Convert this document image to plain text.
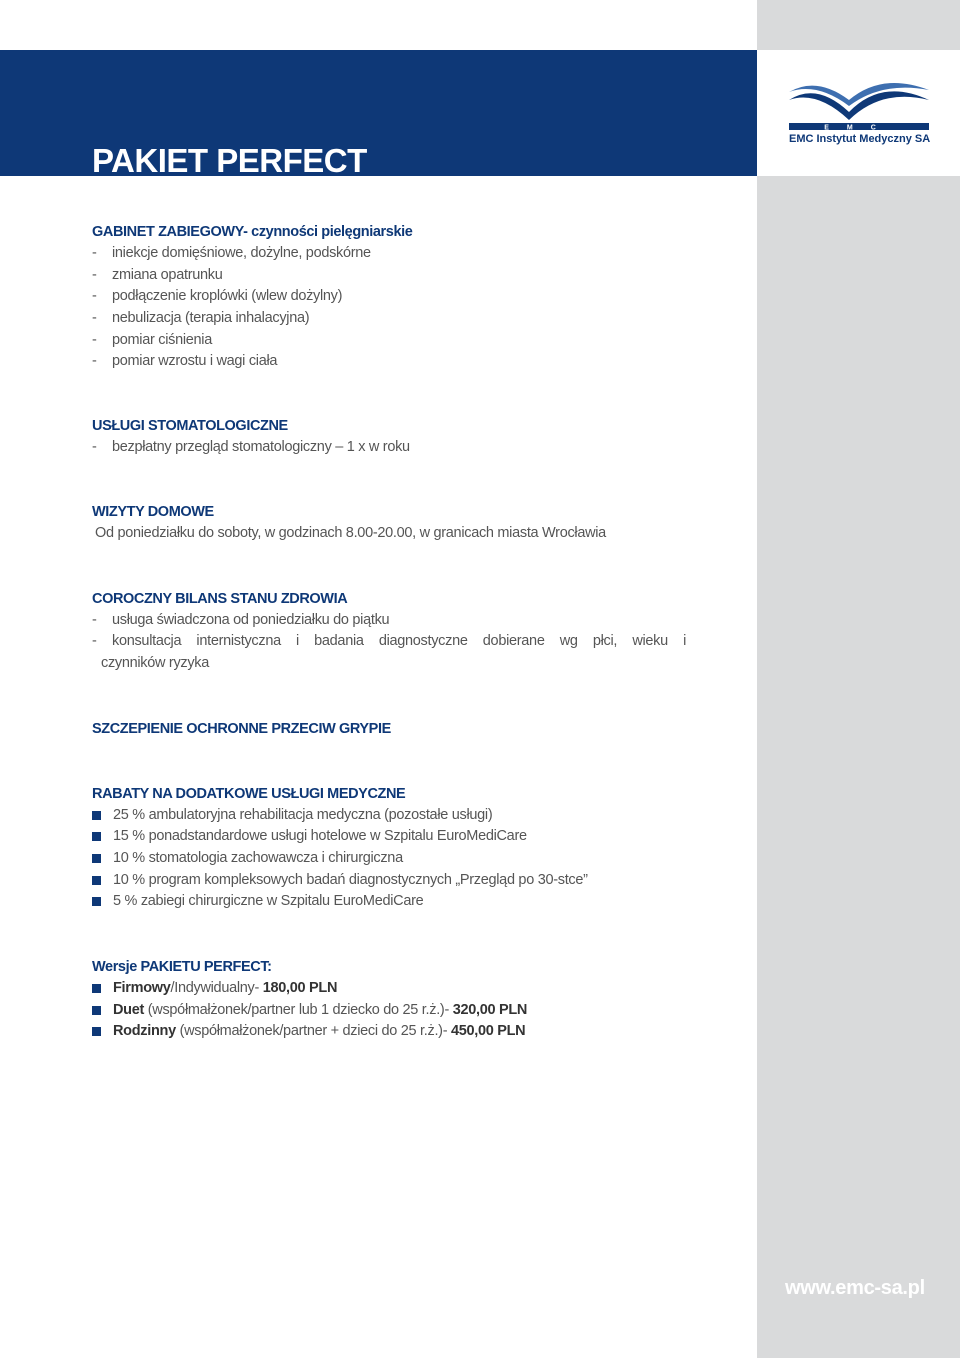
PAKIET PERFECT
EMC
EMC Instytut Medyczny SA
GABINET ZABIEGOWY- czynności pielęgniarskie
- iniekcje domięśniowe, dożylne, podskórne
- zmiana opatrunku
- podłączenie kroplówki (wlew dożylny)
- nebulizacja (terapia inhalacyjna)
- pomiar ciśnienia
- pomiar wzrostu i wagi ciała
USŁUGI STOMATOLOGICZNE
- bezpłatny przegląd stomatologiczny – 1 x w roku
WIZYTY DOMOWE
Od poniedziałku do soboty, w godzinach 8.00-20.00, w granicach miasta Wrocławia
COROCZNY BILANS STANU ZDROWIA
- usługa świadczona od poniedziałku do piątku
- konsultacja internistyczna i badania diagnostyczne dobierane wg płci, wieku i
czynników ryzyka
SZCZEPIENIE OCHRONNE PRZECIW GRYPIE
RABATY NA DODATKOWE USŁUGI MEDYCZNE
25 % ambulatoryjna rehabilitacja medyczna (pozostałe usługi)
15 % ponadstandardowe usługi hotelowe w Szpitalu EuroMediCare
10 % stomatologia zachowawcza i chirurgiczna
10 % program kompleksowych badań diagnostycznych „Przegląd po 30-stce”
5 % zabiegi chirurgiczne w Szpitalu EuroMediCare
Wersje PAKIETU PERFECT:
Firmowy/Indywidualny- 180,00 PLN
Duet (współmałżonek/partner lub 1 dziecko do 25 r.ż.)- 320,00 PLN
Rodzinny (współmałżonek/partner + dzieci do 25 r.ż.)- 450,00 PLN
www.emc-sa.pl
